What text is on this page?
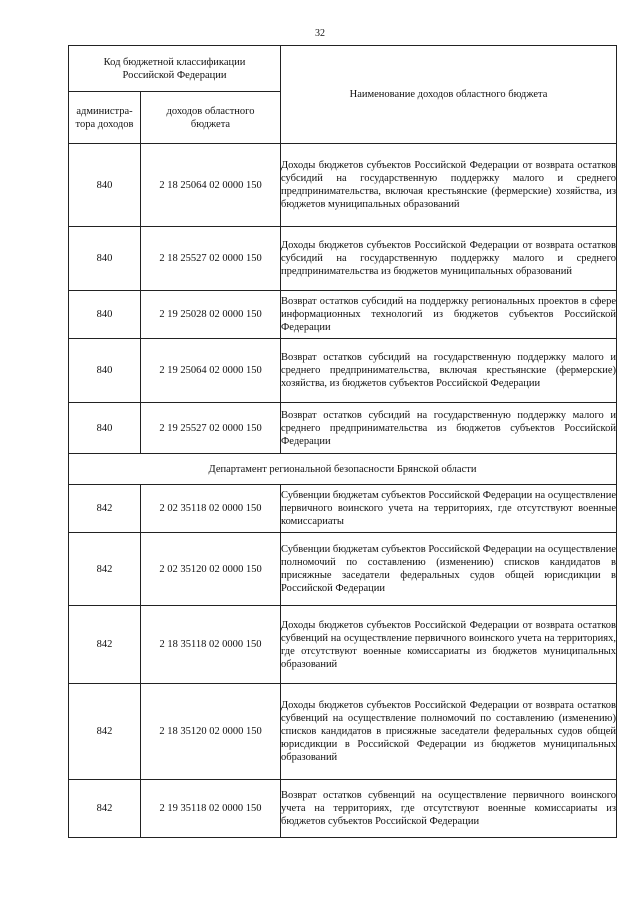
32
Код бюджетной классификации Российской Федерации		Наименование доходов областного бюджета
администра-тора доходов	доходов областного бюджета	
840	2 18 25064 02 0000 150	Доходы бюджетов субъектов Российской Федерации от возврата остатков субсидий на государственную поддержку малого и среднего предпринимательства, включая крестьянские (фермерские) хозяйства, из бюджетов муниципальных образований
840	2 18 25527 02 0000 150	Доходы бюджетов субъектов Российской Федерации от возврата остатков субсидий на государственную поддержку малого и среднего предпринимательства из бюджетов муниципальных образований
840	2 19 25028 02 0000 150	Возврат остатков субсидий на поддержку региональных проектов в сфере информационных технологий из бюджетов субъектов Российской Федерации
840	2 19 25064 02 0000 150	Возврат остатков субсидий на государственную поддержку малого и среднего предпринимательства, включая крестьянские (фермерские) хозяйства, из бюджетов субъектов Российской Федерации
840	2 19 25527 02 0000 150	Возврат остатков субсидий на государственную поддержку малого и среднего предпринимательства из бюджетов субъектов Российской Федерации
Департамент региональной безопасности Брянской области		
842	2 02 35118 02 0000 150	Субвенции бюджетам субъектов Российской Федерации на осуществление первичного воинского учета на территориях, где отсутствуют военные комиссариаты
842	2 02 35120 02 0000 150	Субвенции бюджетам субъектов Российской Федерации на осуществление полномочий по составлению (изменению) списков кандидатов в присяжные заседатели федеральных судов общей юрисдикции в Российской Федерации
842	2 18 35118 02 0000 150	Доходы бюджетов субъектов Российской Федерации от возврата остатков субвенций на осуществление первичного воинского учета на территориях, где отсутствуют военные комиссариаты из бюджетов муниципальных образований
842	2 18 35120 02 0000 150	Доходы бюджетов субъектов Российской Федерации от возврата остатков субвенций на осуществление полномочий по составлению (изменению) списков кандидатов в присяжные заседатели федеральных судов общей юрисдикции в Российской Федерации из бюджетов муниципальных образований
842	2 19 35118 02 0000 150	Возврат остатков субвенций на осуществление первичного воинского учета на территориях, где отсутствуют военные комиссариаты из бюджетов субъектов Российской Федерации
